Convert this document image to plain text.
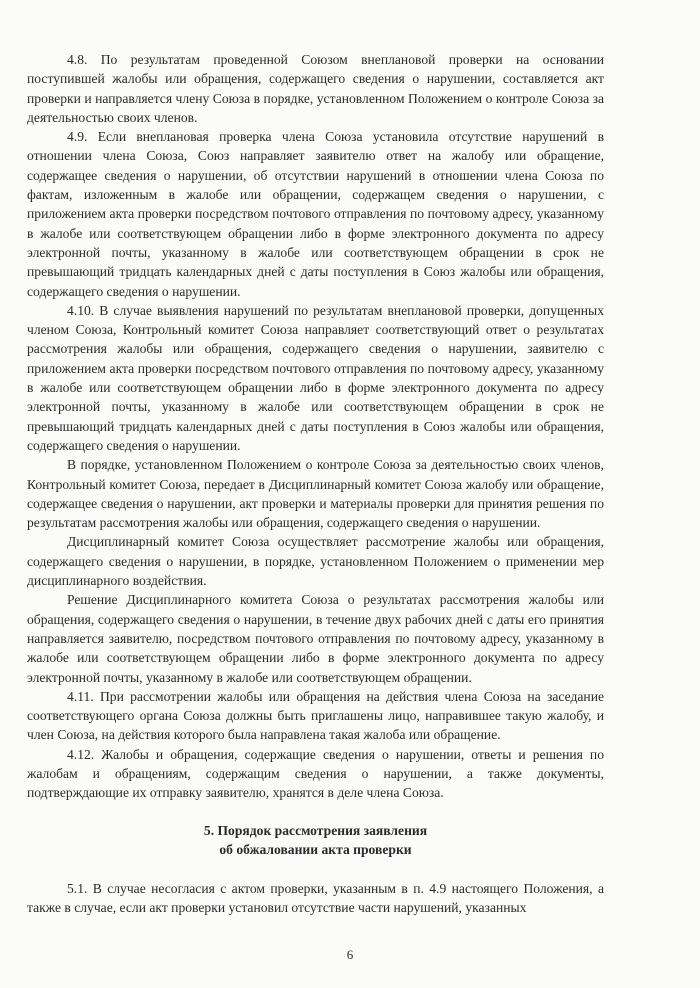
4.8. По результатам проведенной Союзом внеплановой проверки на основании поступившей жалобы или обращения, содержащего сведения о нарушении, составляется акт проверки и направляется члену Союза в порядке, установленном Положением о контроле Союза за деятельностью своих членов.

4.9. Если внеплановая проверка члена Союза установила отсутствие нарушений в отношении члена Союза, Союз направляет заявителю ответ на жалобу или обращение, содержащее сведения о нарушении, об отсутствии нарушений в отношении члена Союза по фактам, изложенным в жалобе или обращении, содержащем сведения о нарушении, с приложением акта проверки посредством почтового отправления по почтовому адресу, указанному в жалобе или соответствующем обращении либо в форме электронного документа по адресу электронной почты, указанному в жалобе или соответствующем обращении в срок не превышающий тридцать календарных дней с даты поступления в Союз жалобы или обращения, содержащего сведения о нарушении.

4.10. В случае выявления нарушений по результатам внеплановой проверки, допущенных членом Союза, Контрольный комитет Союза направляет соответствующий ответ о результатах рассмотрения жалобы или обращения, содержащего сведения о нарушении, заявителю с приложением акта проверки посредством почтового отправления по почтовому адресу, указанному в жалобе или соответствующем обращении либо в форме электронного документа по адресу электронной почты, указанному в жалобе или соответствующем обращении в срок не превышающий тридцать календарных дней с даты поступления в Союз жалобы или обращения, содержащего сведения о нарушении.

В порядке, установленном Положением о контроле Союза за деятельностью своих членов, Контрольный комитет Союза, передает в Дисциплинарный комитет Союза жалобу или обращение, содержащее сведения о нарушении, акт проверки и материалы проверки для принятия решения по результатам рассмотрения жалобы или обращения, содержащего сведения о нарушении.

Дисциплинарный комитет Союза осуществляет рассмотрение жалобы или обращения, содержащего сведения о нарушении, в порядке, установленном Положением о применении мер дисциплинарного воздействия.

Решение Дисциплинарного комитета Союза о результатах рассмотрения жалобы или обращения, содержащего сведения о нарушении, в течение двух рабочих дней с даты его принятия направляется заявителю, посредством почтового отправления по почтовому адресу, указанному в жалобе или соответствующем обращении либо в форме электронного документа по адресу электронной почты, указанному в жалобе или соответствующем обращении.

4.11. При рассмотрении жалобы или обращения на действия члена Союза на заседание соответствующего органа Союза должны быть приглашены лицо, направившее такую жалобу, и член Союза, на действия которого была направлена такая жалоба или обращение.

4.12. Жалобы и обращения, содержащие сведения о нарушении, ответы и решения по жалобам и обращениям, содержащим сведения о нарушении, а также документы, подтверждающие их отправку заявителю, хранятся в деле члена Союза.

5. Порядок рассмотрения заявления
об обжаловании акта проверки

5.1. В случае несогласия с актом проверки, указанным в п. 4.9 настоящего Положения, а также в случае, если акт проверки установил отсутствие части нарушений, указанных

6
